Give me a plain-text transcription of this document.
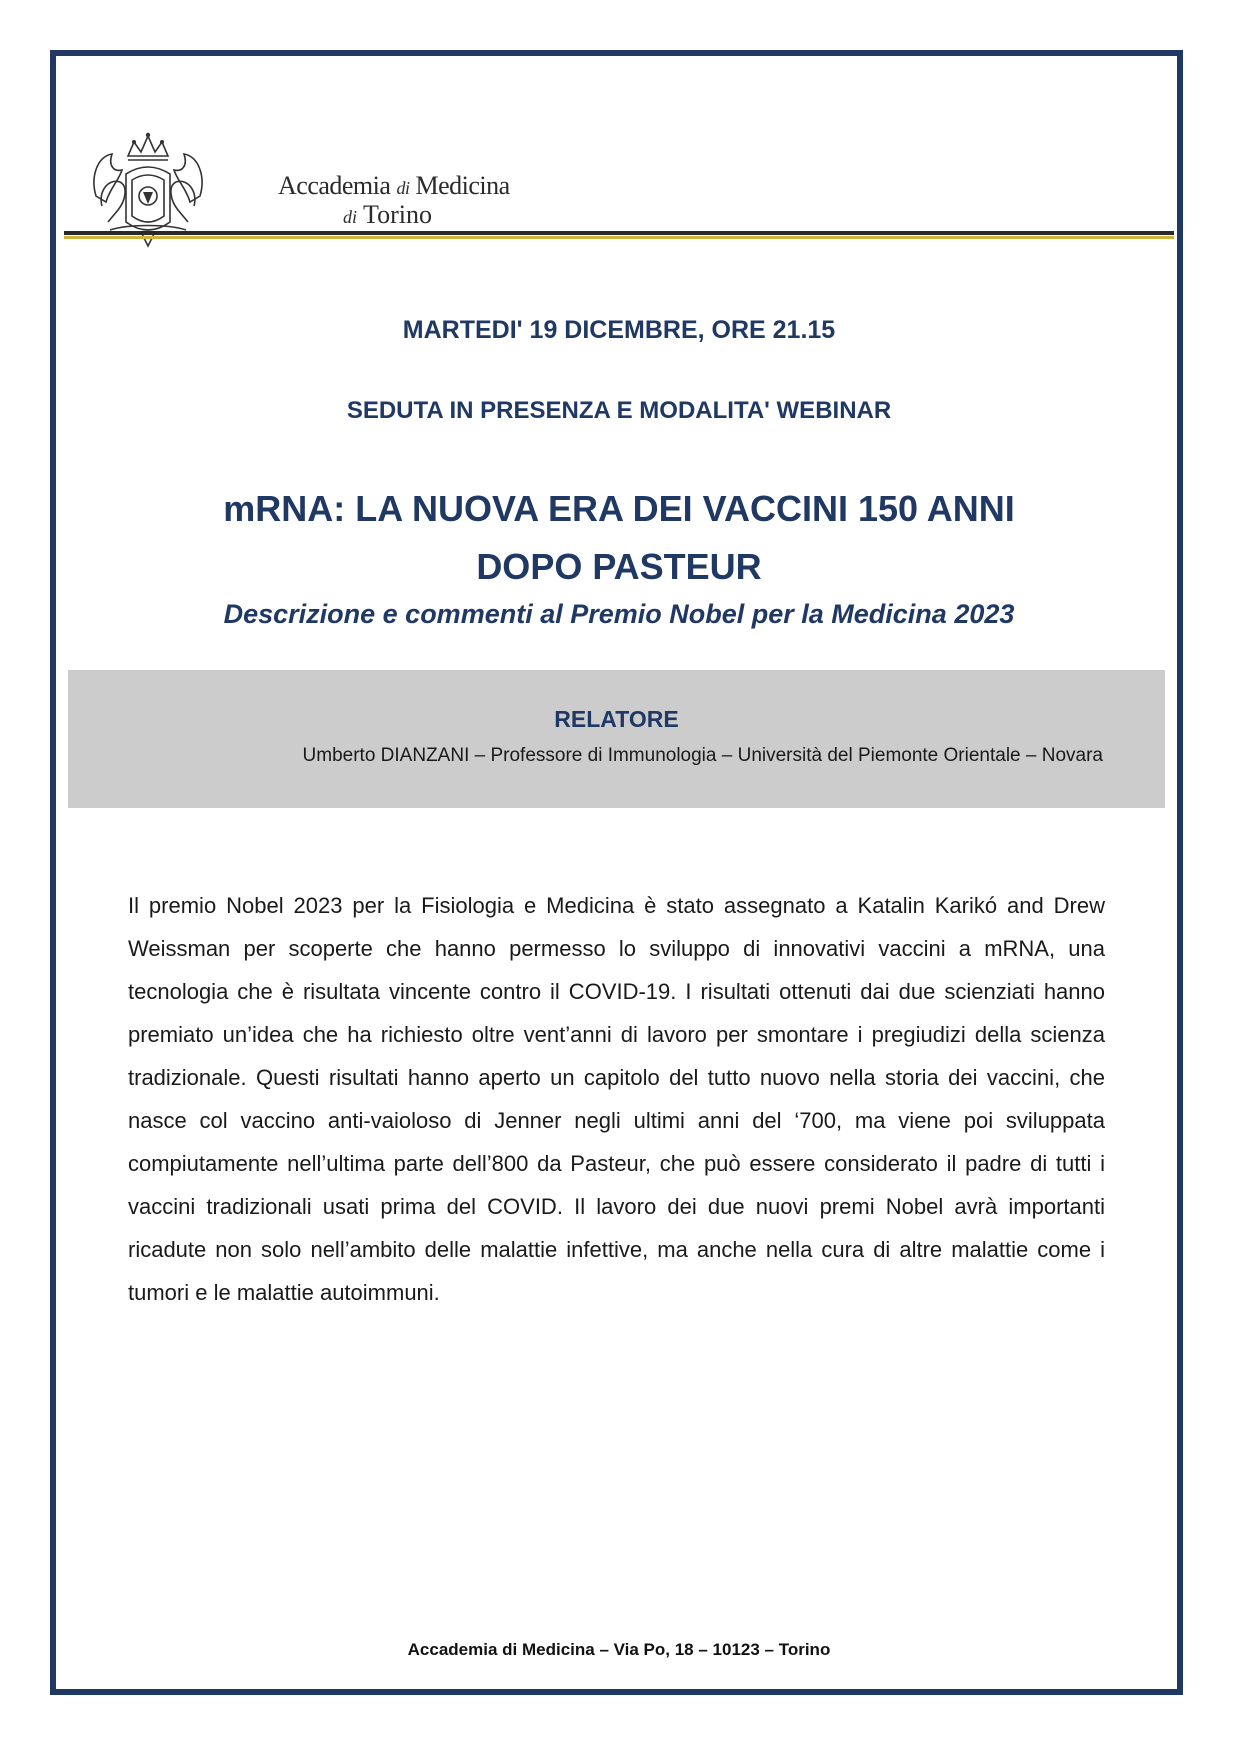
Accademia di Medicina
di Torino
MARTEDI' 19 DICEMBRE, ORE 21.15
SEDUTA IN PRESENZA E MODALITA' WEBINAR
mRNA: LA NUOVA ERA DEI VACCINI 150 ANNI
DOPO PASTEUR
Descrizione e commenti al Premio Nobel per la Medicina 2023
RELATORE
Umberto DIANZANI – Professore di Immunologia – Università del Piemonte Orientale – Novara

Il premio Nobel 2023 per la Fisiologia e Medicina è stato assegnato a Katalin Karikó and Drew Weissman per scoperte che hanno permesso lo sviluppo di innovativi vaccini a mRNA, una tecnologia che è risultata vincente contro il COVID-19. I risultati ottenuti dai due scienziati hanno premiato un’idea che ha richiesto oltre vent’anni di lavoro per smontare i pregiudizi della scienza tradizionale. Questi risultati hanno aperto un capitolo del tutto nuovo nella storia dei vaccini, che nasce col vaccino anti-vaioloso di Jenner negli ultimi anni del ‘700, ma viene poi sviluppata compiutamente nell’ultima parte dell’800 da Pasteur, che può essere considerato il padre di tutti i vaccini tradizionali usati prima del COVID. Il lavoro dei due nuovi premi Nobel avrà importanti ricadute non solo nell’ambito delle malattie infettive, ma anche nella cura di altre malattie come i tumori e le malattie autoimmuni.

Accademia di Medicina – Via Po, 18 – 10123 – Torino
